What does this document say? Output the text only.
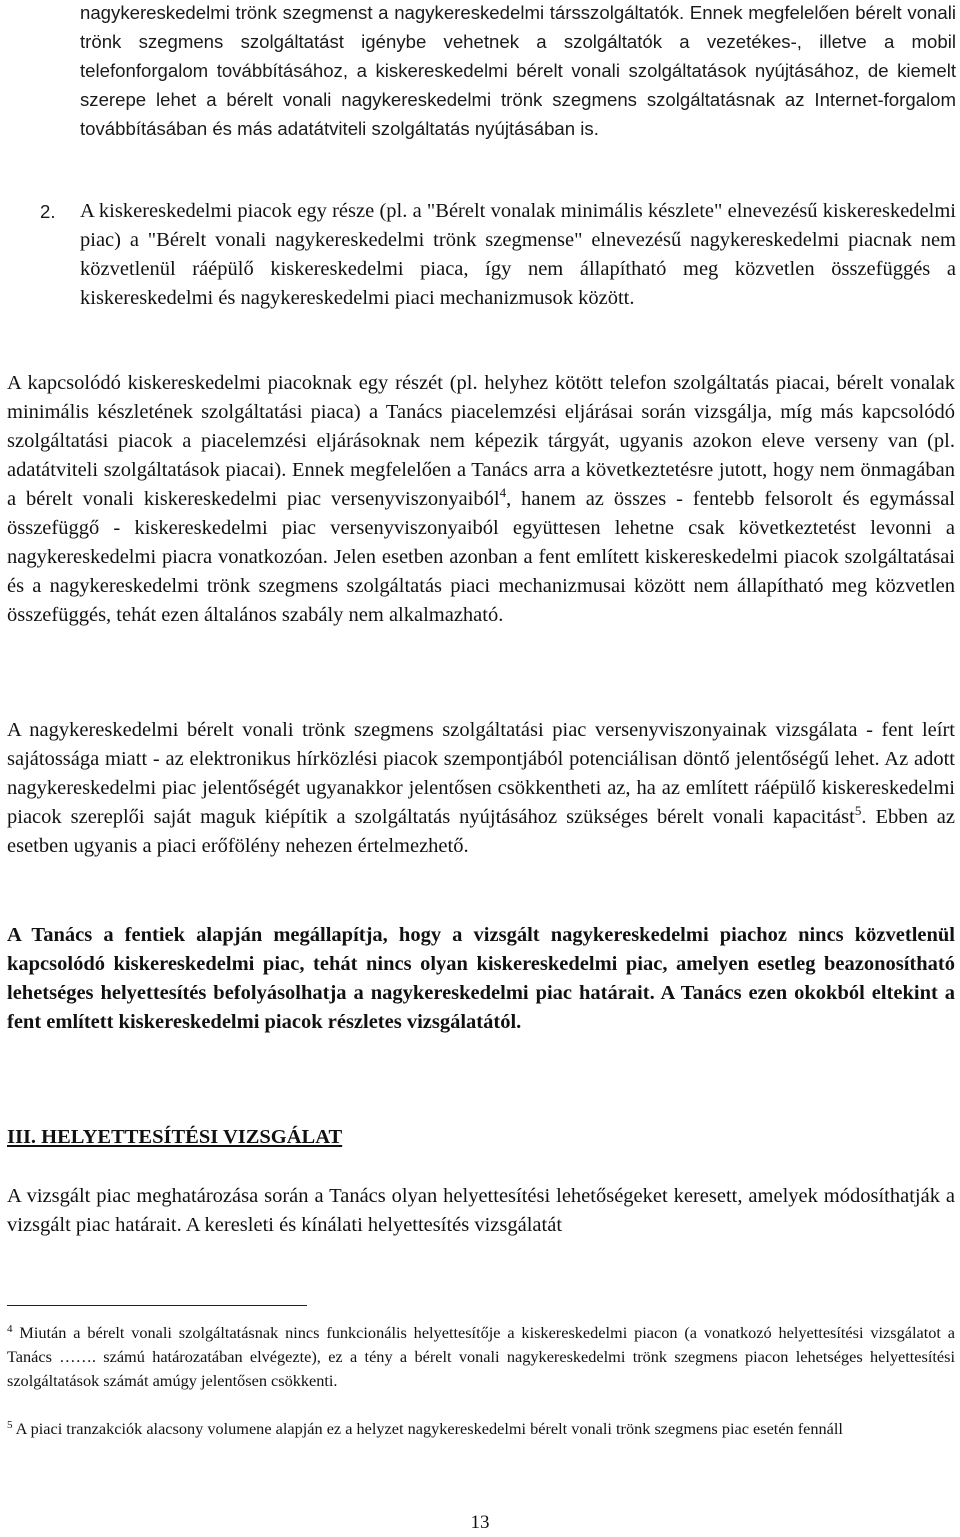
nagykereskedelmi trönk szegmenst a nagykereskedelmi társszolgáltatók. Ennek megfelelően bérelt vonali trönk szegmens szolgáltatást igénybe vehetnek a szolgáltatók a vezetékes-, illetve a mobil telefonforgalom továbbításához, a kiskereskedelmi bérelt vonali szolgáltatások nyújtásához, de kiemelt szerepe lehet a bérelt vonali nagykereskedelmi trönk szegmens szolgáltatásnak az Internet-forgalom továbbításában és más adatátviteli szolgáltatás nyújtásában is.

2. A kiskereskedelmi piacok egy része (pl. a "Bérelt vonalak minimális készlete" elnevezésű kiskereskedelmi piac) a "Bérelt vonali nagykereskedelmi trönk szegmense" elnevezésű nagykereskedelmi piacnak nem közvetlenül ráépülő kiskereskedelmi piaca, így nem állapítható meg közvetlen összefüggés a kiskereskedelmi és nagykereskedelmi piaci mechanizmusok között.

A kapcsolódó kiskereskedelmi piacoknak egy részét (pl. helyhez kötött telefon szolgáltatás piacai, bérelt vonalak minimális készletének szolgáltatási piaca) a Tanács piacelemzési eljárásai során vizsgálja, míg más kapcsolódó szolgáltatási piacok a piacelemzési eljárásoknak nem képezik tárgyát, ugyanis azokon eleve verseny van (pl. adatátviteli szolgáltatások piacai). Ennek megfelelően a Tanács arra a következtetésre jutott, hogy nem önmagában a bérelt vonali kiskereskedelmi piac versenyviszonyaiból$^4$, hanem az összes - fentebb felsorolt és egymással összefüggő - kiskereskedelmi piac versenyviszonyaiból együttesen lehetne csak következtetést levonni a nagykereskedelmi piacra vonatkozóan. Jelen esetben azonban a fent említett kiskereskedelmi piacok szolgáltatásai és a nagykereskedelmi trönk szegmens szolgáltatás piaci mechanizmusai között nem állapítható meg közvetlen összefüggés, tehát ezen általános szabály nem alkalmazható.

A nagykereskedelmi bérelt vonali trönk szegmens szolgáltatási piac versenyviszonyainak vizsgálata - fent leírt sajátossága miatt - az elektronikus hírközlési piacok szempontjából potenciálisan döntő jelentőségű lehet. Az adott nagykereskedelmi piac jelentőségét ugyanakkor jelentősen csökkentheti az, ha az említett ráépülő kiskereskedelmi piacok szereplői saját maguk kiépítik a szolgáltatás nyújtásához szükséges bérelt vonali kapacitást$^5$. Ebben az esetben ugyanis a piaci erőfölény nehezen értelmezhető.

A Tanács a fentiek alapján megállapítja, hogy a vizsgált nagykereskedelmi piachoz nincs közvetlenül kapcsolódó kiskereskedelmi piac, tehát nincs olyan kiskereskedelmi piac, amelyen esetleg beazonosítható lehetséges helyettesítés befolyásolhatja a nagykereskedelmi piac határait. A Tanács ezen okokból eltekint a fent említett kiskereskedelmi piacok részletes vizsgálatától.

III. HELYETTESÍTÉSI VIZSGÁLAT

A vizsgált piac meghatározása során a Tanács olyan helyettesítési lehetőségeket keresett, amelyek módosíthatják a vizsgált piac határait. A keresleti és kínálati helyettesítés vizsgálatát

$^4$ Miután a bérelt vonali szolgáltatásnak nincs funkcionális helyettesítője a kiskereskedelmi piacon (a vonatkozó helyettesítési vizsgálatot a Tanács ……. számú határozatában elvégezte), ez a tény a bérelt vonali nagykereskedelmi trönk szegmens piacon lehetséges helyettesítési szolgáltatások számát amúgy jelentősen csökkenti.

$^5$ A piaci tranzakciók alacsony volumene alapján ez a helyzet nagykereskedelmi bérelt vonali trönk szegmens piac esetén fennáll

13
